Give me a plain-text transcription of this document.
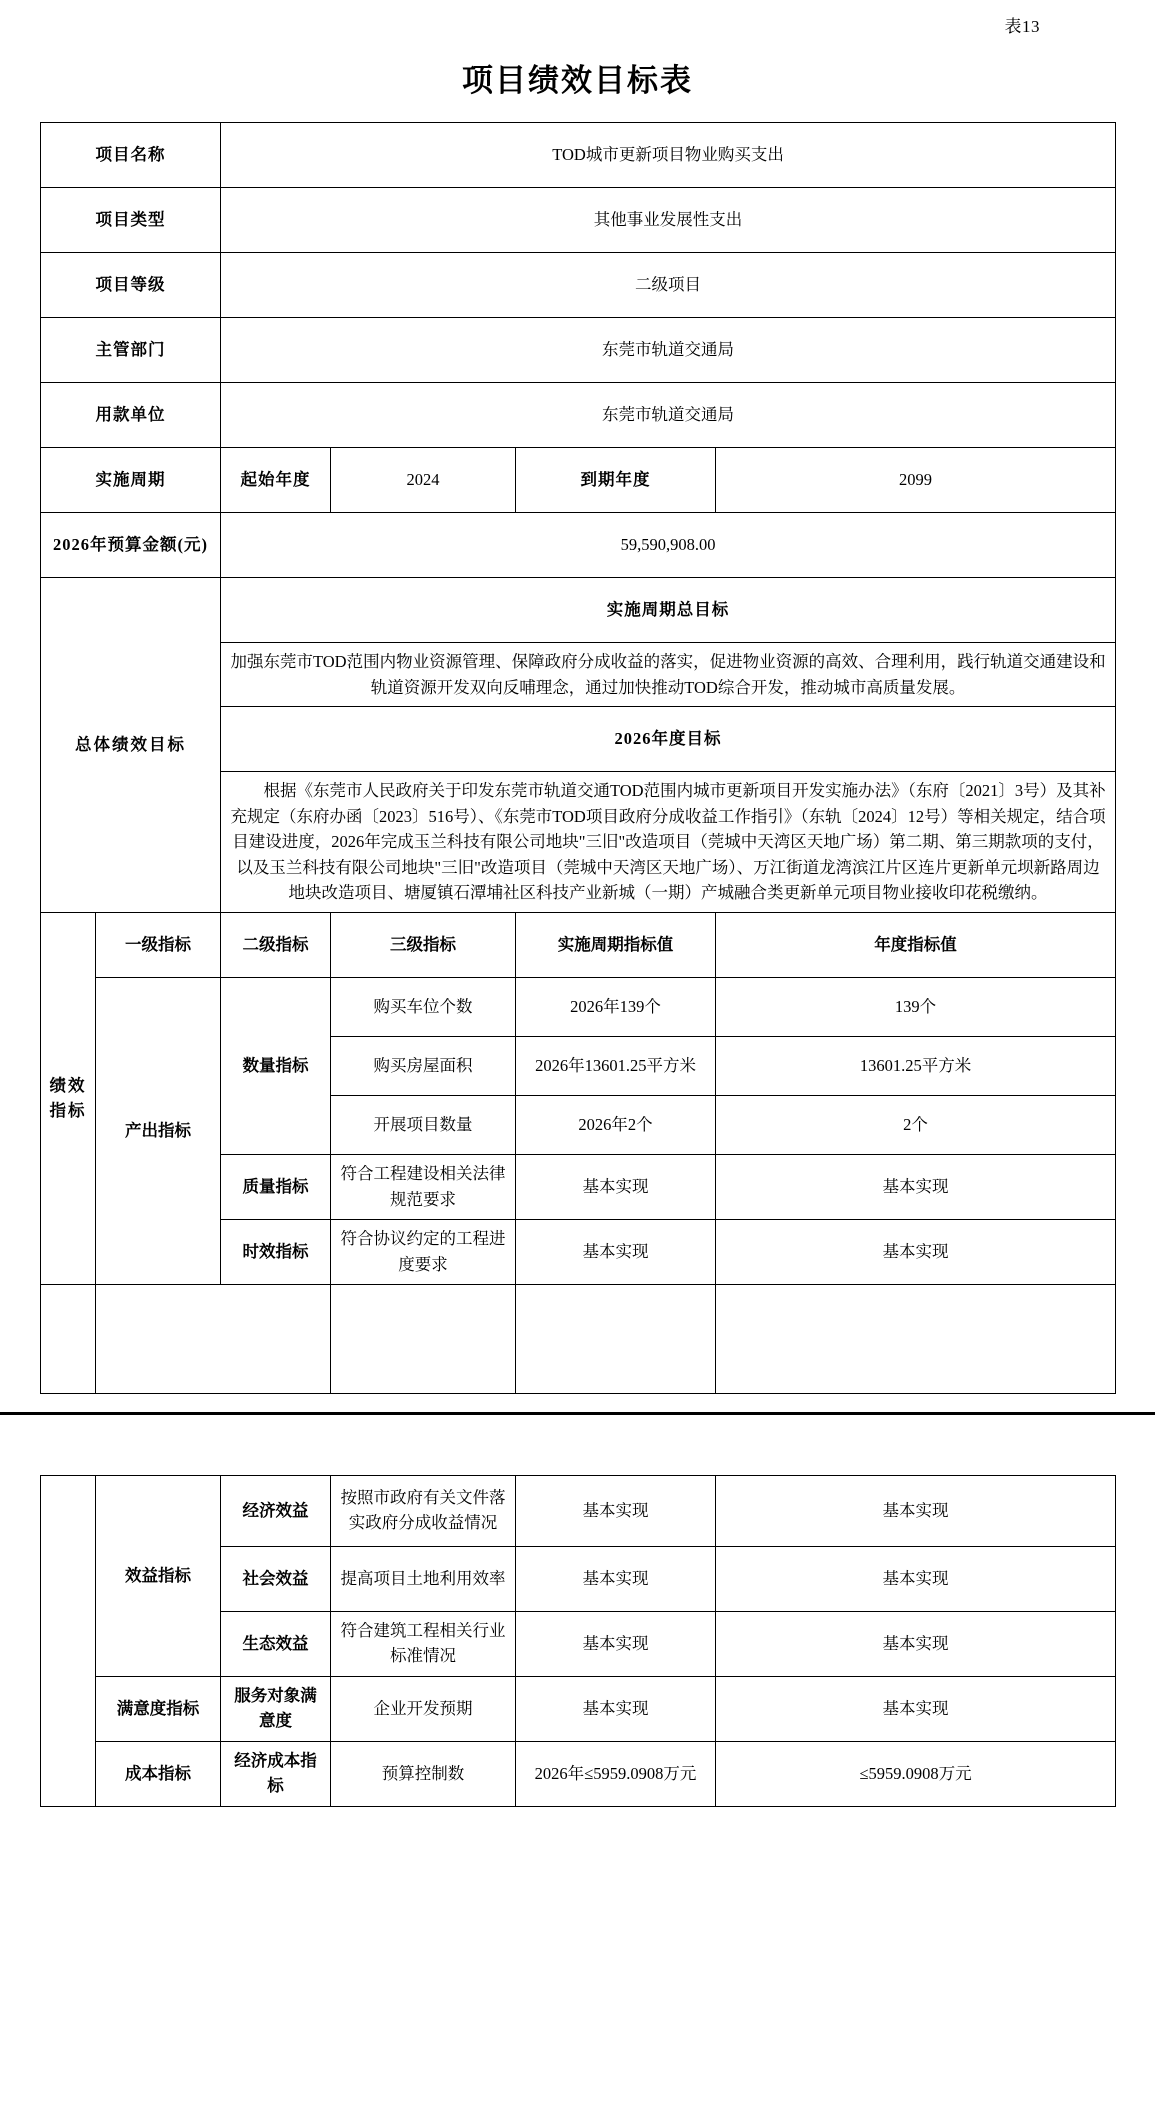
表13
项目绩效目标表
项目名称		TOD城市更新项目物业购买支出			
项目类型		其他事业发展性支出			
项目等级		二级项目			
主管部门		东莞市轨道交通局			
用款单位		东莞市轨道交通局			
实施周期		起始年度	2024	到期年度	2099
2026年预算金额(元)		59,590,908.00			
总体绩效目标		实施周期总目标			
		加强东莞市TOD范围内物业资源管理、保障政府分成收益的落实，促进物业资源的高效、合理利用，践行轨道交通建设和轨道资源开发双向反哺理念，通过加快推动TOD综合开发，推动城市高质量发展。			
		2026年度目标			
		根据《东莞市人民政府关于印发东莞市轨道交通TOD范围内城市更新项目开发实施办法》（东府〔2021〕3号）及其补充规定（东府办函〔2023〕516号）、《东莞市TOD项目政府分成收益工作指引》（东轨〔2024〕12号）等相关规定，结合项目建设进度，2026年完成玉兰科技有限公司地块"三旧"改造项目（莞城中天湾区天地广场）第二期、第三期款项的支付，以及玉兰科技有限公司地块"三旧"改造项目（莞城中天湾区天地广场）、万江街道龙湾滨江片区连片更新单元坝新路周边地块改造项目、塘厦镇石潭埔社区科技产业新城（一期）产城融合类更新单元项目物业接收印花税缴纳。			
绩效指标	一级指标	二级指标	三级指标	实施周期指标值	年度指标值
	产出指标	数量指标	购买车位个数	2026年139个	139个
			购买房屋面积	2026年13601.25平方米	13601.25平方米
			开展项目数量	2026年2个	2个
		质量指标	符合工程建设相关法律规范要求	基本实现	基本实现
		时效指标	符合协议约定的工程进度要求	基本实现	基本实现

	效益指标	经济效益	按照市政府有关文件落实政府分成收益情况	基本实现	基本实现
		社会效益	提高项目土地利用效率	基本实现	基本实现
		生态效益	符合建筑工程相关行业标准情况	基本实现	基本实现
	满意度指标	服务对象满意度	企业开发预期	基本实现	基本实现
	成本指标	经济成本指标	预算控制数	2026年≤5959.0908万元	≤5959.0908万元
